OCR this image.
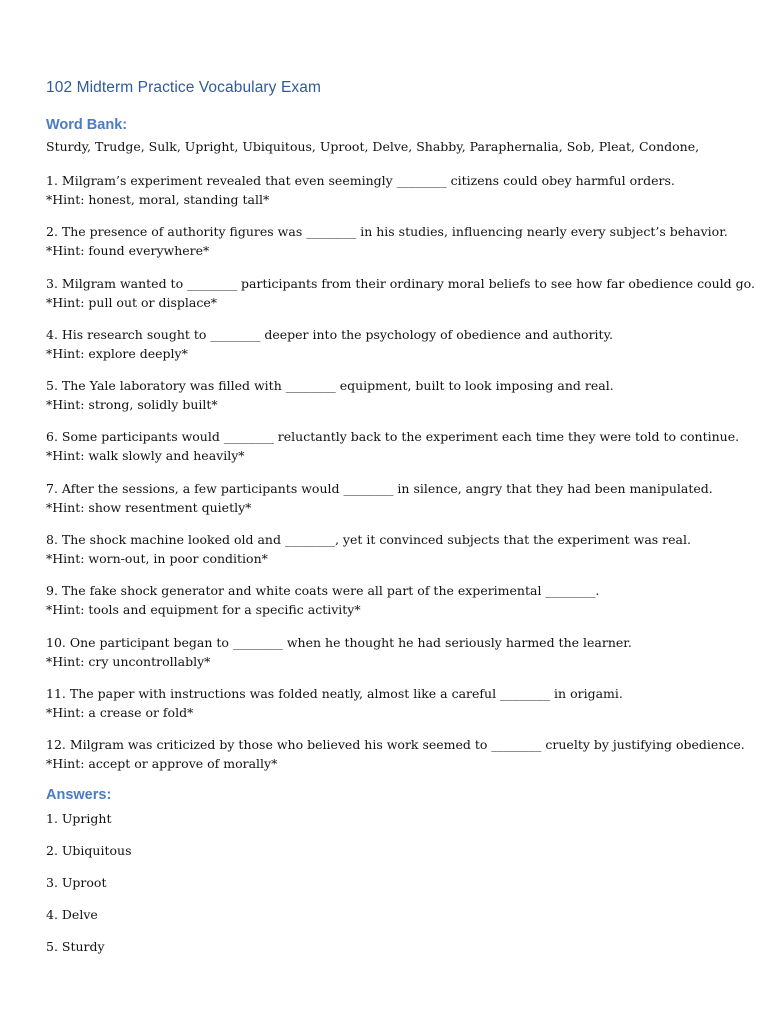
102 Midterm Practice Vocabulary Exam
Word Bank:

Sturdy, Trudge, Sulk, Upright, Ubiquitous, Uproot, Delve, Shabby, Paraphernalia, Sob, Pleat, Condone,

1. Milgram’s experiment revealed that even seemingly ________ citizens could obey harmful orders.

*Hint: honest, moral, standing tall*

2. The presence of authority figures was ________ in his studies, influencing nearly every subject’s behavior.

*Hint: found everywhere*

3. Milgram wanted to ________ participants from their ordinary moral beliefs to see how far obedience could go.

*Hint: pull out or displace*

4. His research sought to ________ deeper into the psychology of obedience and authority.

*Hint: explore deeply*

5. The Yale laboratory was filled with ________ equipment, built to look imposing and real.

*Hint: strong, solidly built*

6. Some participants would ________ reluctantly back to the experiment each time they were told to continue.

*Hint: walk slowly and heavily*

7. After the sessions, a few participants would ________ in silence, angry that they had been manipulated.

*Hint: show resentment quietly*

8. The shock machine looked old and ________, yet it convinced subjects that the experiment was real.

*Hint: worn-out, in poor condition*

9. The fake shock generator and white coats were all part of the experimental ________.

*Hint: tools and equipment for a specific activity*

10. One participant began to ________ when he thought he had seriously harmed the learner.

*Hint: cry uncontrollably*

11. The paper with instructions was folded neatly, almost like a careful ________ in origami.

*Hint: a crease or fold*

12. Milgram was criticized by those who believed his work seemed to ________ cruelty by justifying obedience.

*Hint: accept or approve of morally*

Answers:

1. Upright

2. Ubiquitous

3. Uproot

4. Delve

5. Sturdy
